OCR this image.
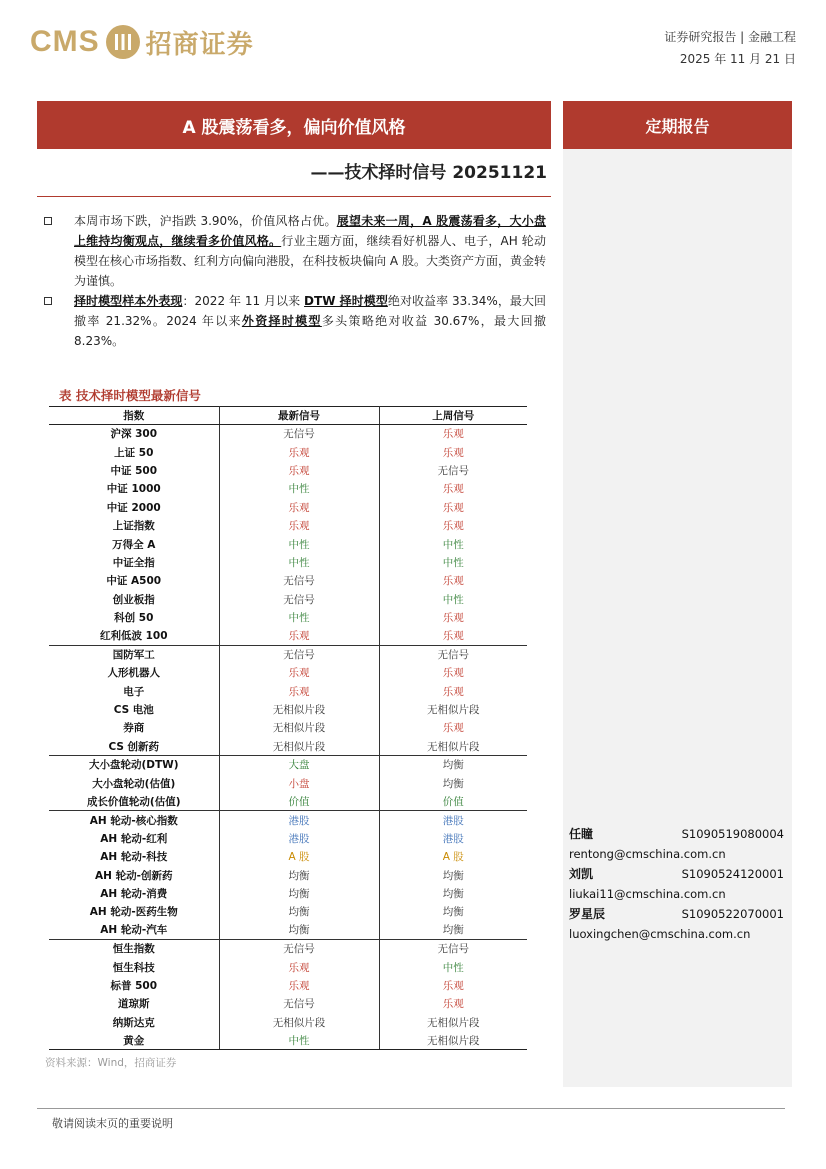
CMS 招商证券	证券研究报告 | 金融工程
2025 年 11 月 21 日
A 股震荡看多，偏向价值风格	定期报告
——技术择时信号 20251121
本周市场下跌，沪指跌 3.90%，价值风格占优。展望未来一周，A 股震荡看多，大小盘上维持均衡观点，继续看多价值风格。行业主题方面，继续看好机器人、电子，AH 轮动模型在核心市场指数、红利方向偏向港股，在科技板块偏向 A 股。大类资产方面，黄金转为谨慎。
择时模型样本外表现：2022 年 11 月以来 DTW 择时模型绝对收益率 33.34%，最大回撤率 21.32%。2024 年以来外资择时模型多头策略绝对收益 30.67%，最大回撤 8.23%。
表 技术择时模型最新信号
指数	最新信号	上周信号
沪深 300	无信号	乐观
上证 50	乐观	乐观
中证 500	乐观	无信号
中证 1000	中性	乐观
中证 2000	乐观	乐观
上证指数	乐观	乐观
万得全 A	中性	中性
中证全指	中性	中性
中证 A500	无信号	乐观
创业板指	无信号	中性
科创 50	中性	乐观
红利低波 100	乐观	乐观
国防军工	无信号	无信号
人形机器人	乐观	乐观
电子	乐观	乐观
CS 电池	无相似片段	无相似片段
券商	无相似片段	乐观
CS 创新药	无相似片段	无相似片段
大小盘轮动(DTW)	大盘	均衡
大小盘轮动(估值)	小盘	均衡
成长价值轮动(估值)	价值	价值
AH 轮动-核心指数	港股	港股
AH 轮动-红利	港股	港股
AH 轮动-科技	A 股	A 股
AH 轮动-创新药	均衡	均衡
AH 轮动-消费	均衡	均衡
AH 轮动-医药生物	均衡	均衡
AH 轮动-汽车	均衡	均衡
恒生指数	无信号	无信号
恒生科技	乐观	中性
标普 500	乐观	乐观
道琼斯	无信号	乐观
纳斯达克	无相似片段	无相似片段
黄金	中性	无相似片段
资料来源：Wind，招商证券
任瞳	S1090519080004
rentong@cmschina.com.cn
刘凯	S1090524120001
liukai11@cmschina.com.cn
罗星辰	S1090522070001
luoxingchen@cmschina.com.cn
敬请阅读末页的重要说明
